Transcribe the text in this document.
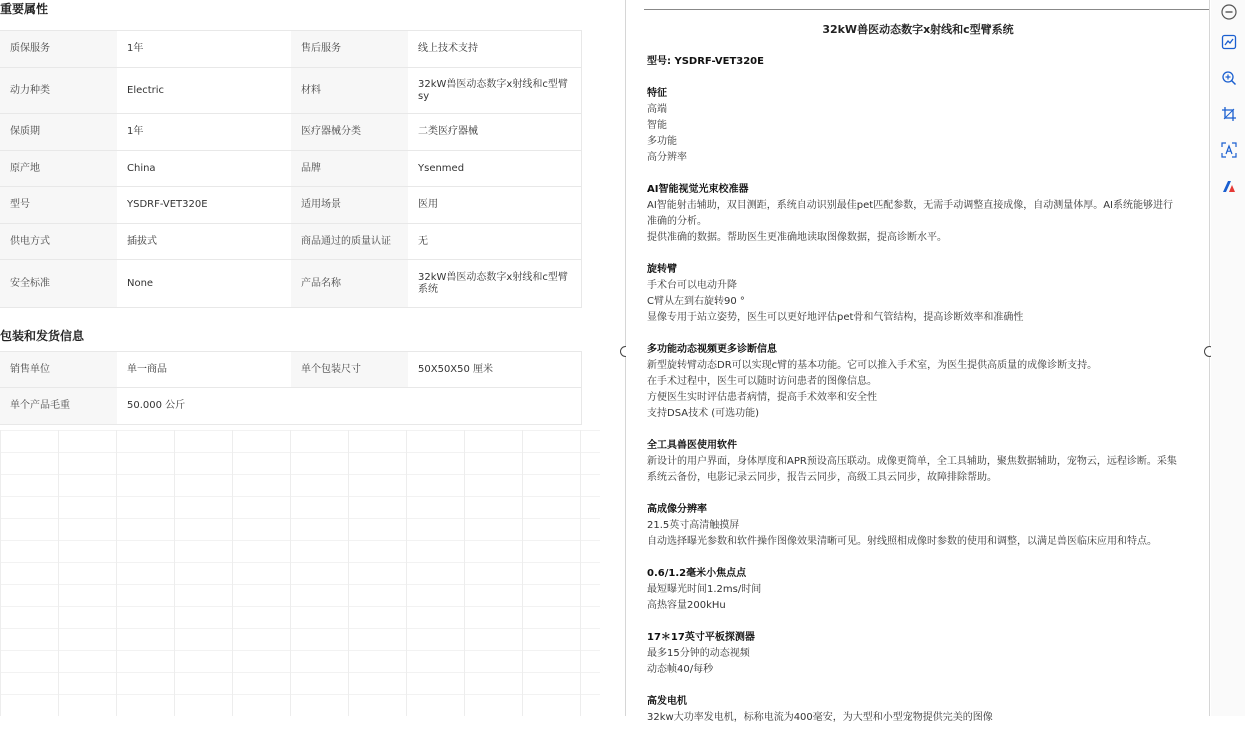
重要属性
质保服务	1年	售后服务	线上技术支持
动力种类	Electric	材料	32kW兽医动态数字x射线和c型臂sy
保质期	1年	医疗器械分类	二类医疗器械
原产地	China	品牌	Ysenmed
型号	YSDRF-VET320E	适用场景	医用
供电方式	插拔式	商品通过的质量认证	无
安全标准	None	产品名称	32kW兽医动态数字x射线和c型臂系统
包装和发货信息
销售单位	单一商品	单个包装尺寸	50X50X50 厘米
单个产品毛重	50.000 公斤		
32kW兽医动态数字x射线和c型臂系统
型号: YSDRF-VET320E
特征
高端
智能
多功能
高分辨率
AI智能视觉光束校准器
AI智能射击辅助，双目测距，系统自动识别最佳pet匹配参数，无需手动调整直接成像，自动测量体厚。AI系统能够进行
准确的分析。
提供准确的数据。帮助医生更准确地读取图像数据，提高诊断水平。
旋转臂
手术台可以电动升降
C臂从左到右旋转90 °
显像专用于站立姿势，医生可以更好地评估pet骨和气管结构，提高诊断效率和准确性
多功能动态视频更多诊断信息
新型旋转臂动态DR可以实现c臂的基本功能。它可以推入手术室，为医生提供高质量的成像诊断支持。
在手术过程中，医生可以随时访问患者的图像信息。
方便医生实时评估患者病情，提高手术效率和安全性
支持DSA技术 (可选功能)
全工具兽医使用软件
新设计的用户界面，身体厚度和APR预设高压联动。成像更简单，全工具辅助，聚焦数据辅助，宠物云，远程诊断。采集
系统云备份，电影记录云同步，报告云同步，高级工具云同步，故障排除帮助。
高成像分辨率
21.5英寸高清触摸屏
自动选择曝光参数和软件操作图像效果清晰可见。射线照相成像时参数的使用和调整，以满足兽医临床应用和特点。
0.6/1.2毫米小焦点点
最短曝光时间1.2ms/时间
高热容量200kHu
17＊17英寸平板探测器
最多15分钟的动态视频
动态帧40/每秒
高发电机
32kw大功率发电机，标称电流为400毫安，为大型和小型宠物提供完美的图像
